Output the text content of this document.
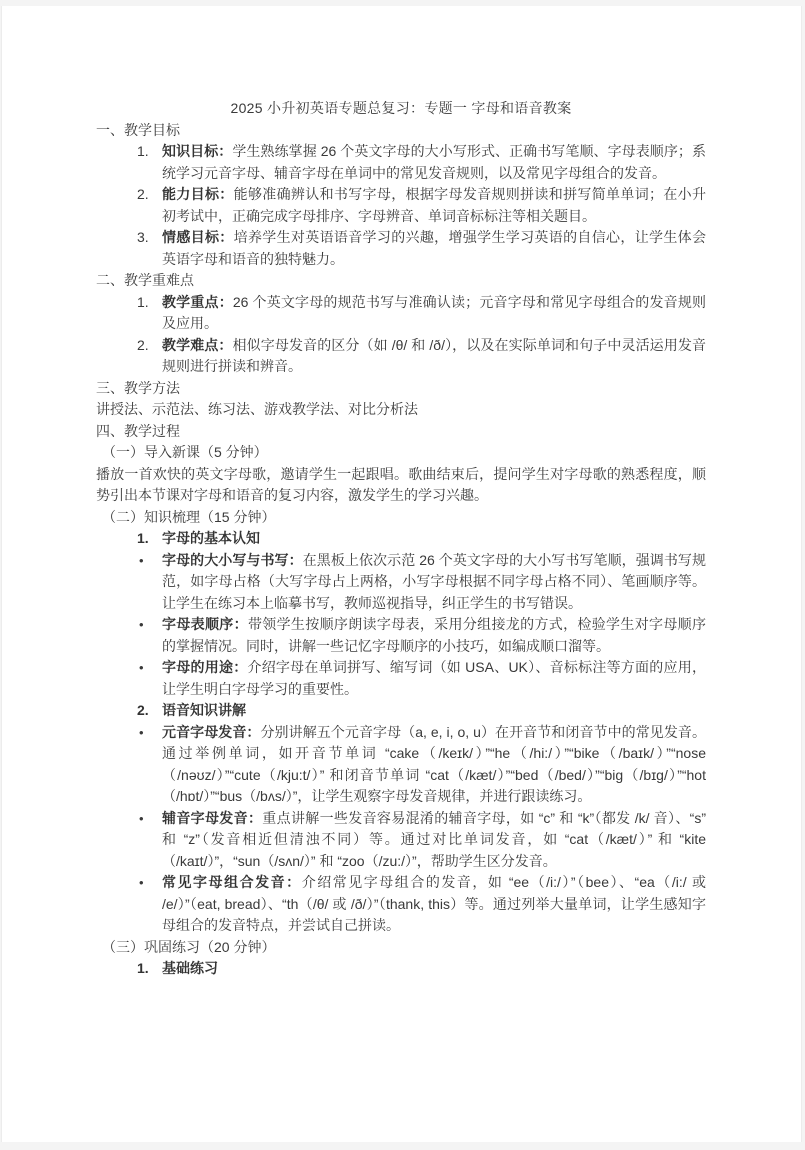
2025 小升初英语专题总复习：专题一 字母和语音教案
一、教学目标
1. 知识目标：学生熟练掌握 26 个英文字母的大小写形式、正确书写笔顺、字母表顺序；系统学习元音字母、辅音字母在单词中的常见发音规则，以及常见字母组合的发音。
2. 能力目标：能够准确辨认和书写字母，根据字母发音规则拼读和拼写简单单词；在小升初考试中，正确完成字母排序、字母辨音、单词音标标注等相关题目。
3. 情感目标：培养学生对英语语音学习的兴趣，增强学生学习英语的自信心，让学生体会英语字母和语音的独特魅力。
二、教学重难点
1. 教学重点：26 个英文字母的规范书写与准确认读；元音字母和常见字母组合的发音规则及应用。
2. 教学难点：相似字母发音的区分（如 /θ/ 和 /ð/），以及在实际单词和句子中灵活运用发音规则进行拼读和辨音。
三、教学方法
讲授法、示范法、练习法、游戏教学法、对比分析法
四、教学过程
（一）导入新课（5 分钟）
播放一首欢快的英文字母歌，邀请学生一起跟唱。歌曲结束后，提问学生对字母歌的熟悉程度，顺势引出本节课对字母和语音的复习内容，激发学生的学习兴趣。
（二）知识梳理（15 分钟）
1. 字母的基本认知
•	字母的大小写与书写：在黑板上依次示范 26 个英文字母的大小写书写笔顺，强调书写规范，如字母占格（大写字母占上两格，小写字母根据不同字母占格不同）、笔画顺序等。让学生在练习本上临摹书写，教师巡视指导，纠正学生的书写错误。
•	字母表顺序：带领学生按顺序朗读字母表，采用分组接龙的方式，检验学生对字母顺序的掌握情况。同时，讲解一些记忆字母顺序的小技巧，如编成顺口溜等。
•	字母的用途：介绍字母在单词拼写、缩写词（如 USA、UK）、音标标注等方面的应用，让学生明白字母学习的重要性。
2. 语音知识讲解
•	元音字母发音：分别讲解五个元音字母（a, e, i, o, u）在开音节和闭音节中的常见发音。通过举例单词，如开音节单词 “cake（/keɪk/）”“he（/hi:/）”“bike（/baɪk/）”“nose（/nəʊz/）”“cute（/kju:t/）” 和闭音节单词 “cat（/kæt/）”“bed（/bed/）”“big（/bɪg/）”“hot（/hɒt/）”“bus（/bʌs/）”，让学生观察字母发音规律，并进行跟读练习。
•	辅音字母发音：重点讲解一些发音容易混淆的辅音字母，如 “c” 和 “k”（都发 /k/ 音）、“s” 和 “z”（发音相近但清浊不同）等。通过对比单词发音，如 “cat（/kæt/）” 和 “kite（/kaɪt/）”，“sun（/sʌn/）” 和 “zoo（/zu:/）”，帮助学生区分发音。
•	常见字母组合发音：介绍常见字母组合的发音，如 “ee（/i:/）”（bee）、“ea（/i:/ 或 /e/）”（eat, bread）、“th（/θ/ 或 /ð/）”（thank, this）等。通过列举大量单词，让学生感知字母组合的发音特点，并尝试自己拼读。
（三）巩固练习（20 分钟）
1. 基础练习
